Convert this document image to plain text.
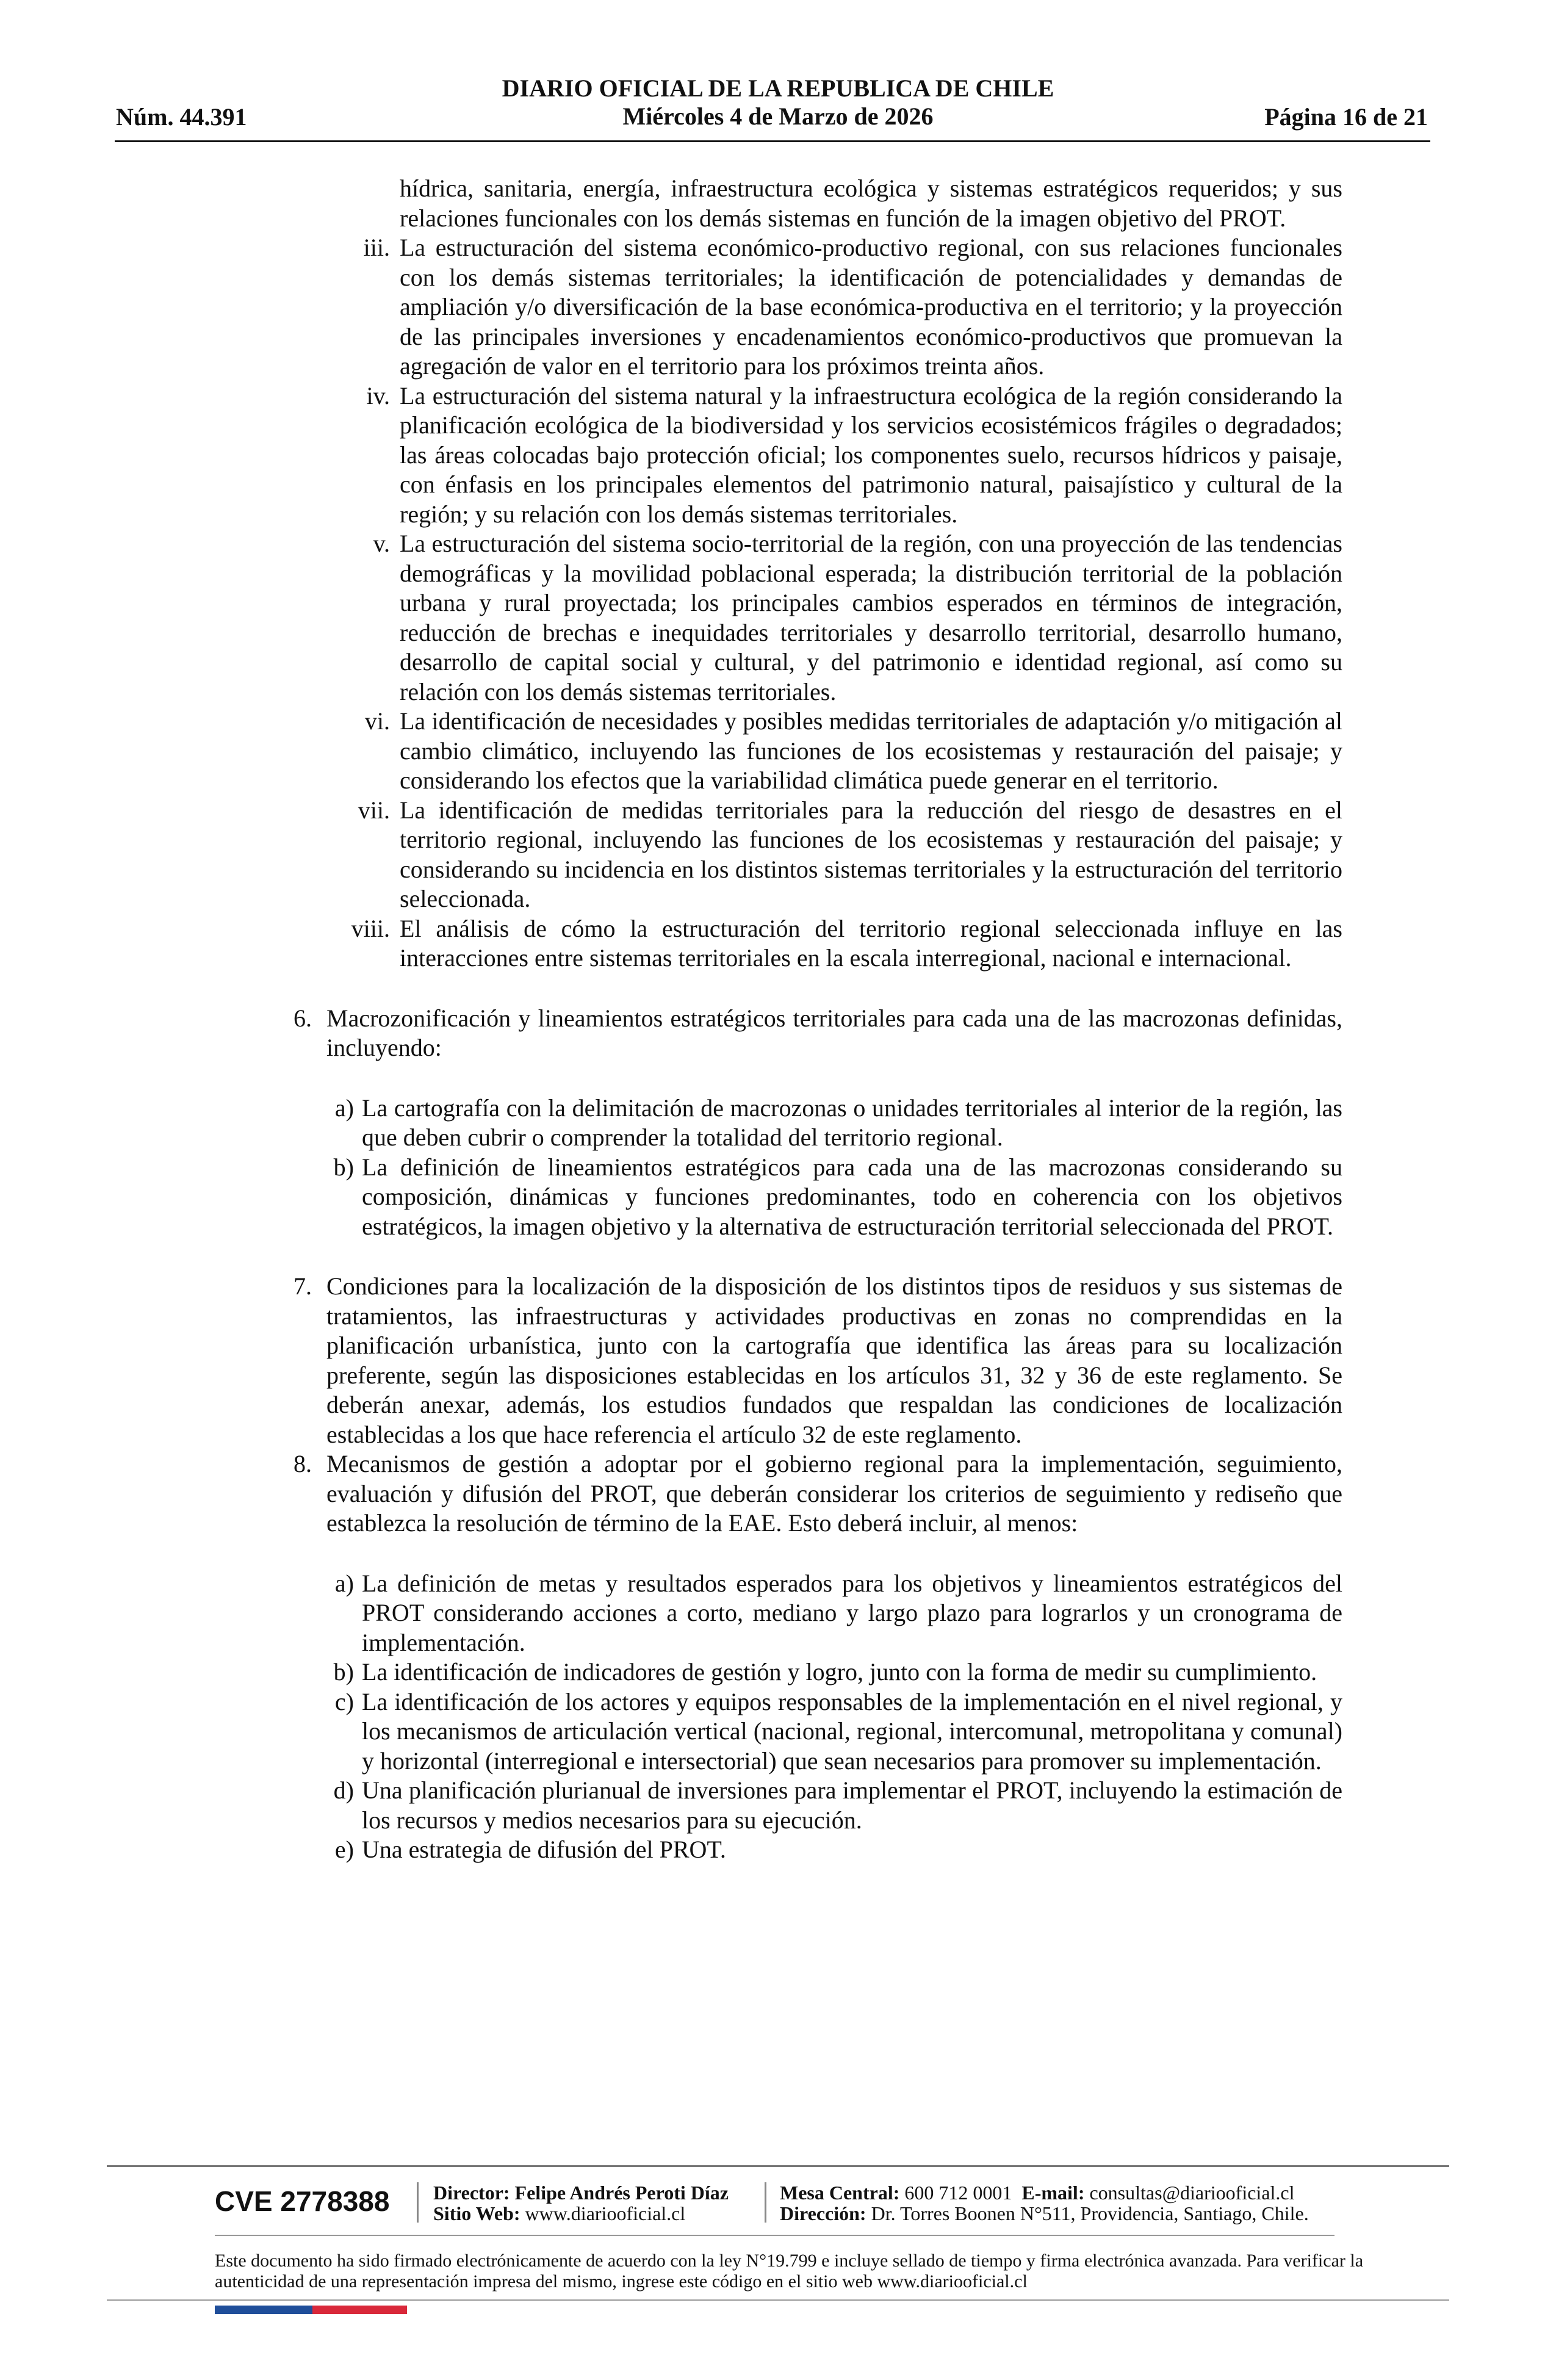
DIARIO OFICIAL DE LA REPUBLICA DE CHILE
Miércoles 4 de Marzo de 2026
Núm. 44.391	Página 16 de 21
hídrica, sanitaria, energía, infraestructura ecológica y sistemas estratégicos requeridos; y sus relaciones funcionales con los demás sistemas en función de la imagen objetivo del PROT.
iii. La estructuración del sistema económico-productivo regional, con sus relaciones funcionales con los demás sistemas territoriales; la identificación de potencialidades y demandas de ampliación y/o diversificación de la base económica-productiva en el territorio; y la proyección de las principales inversiones y encadenamientos económico-productivos que promuevan la agregación de valor en el territorio para los próximos treinta años.
iv. La estructuración del sistema natural y la infraestructura ecológica de la región considerando la planificación ecológica de la biodiversidad y los servicios ecosistémicos frágiles o degradados; las áreas colocadas bajo protección oficial; los componentes suelo, recursos hídricos y paisaje, con énfasis en los principales elementos del patrimonio natural, paisajístico y cultural de la región; y su relación con los demás sistemas territoriales.
v. La estructuración del sistema socio-territorial de la región, con una proyección de las tendencias demográficas y la movilidad poblacional esperada; la distribución territorial de la población urbana y rural proyectada; los principales cambios esperados en términos de integración, reducción de brechas e inequidades territoriales y desarrollo territorial, desarrollo humano, desarrollo de capital social y cultural, y del patrimonio e identidad regional, así como su relación con los demás sistemas territoriales.
vi. La identificación de necesidades y posibles medidas territoriales de adaptación y/o mitigación al cambio climático, incluyendo las funciones de los ecosistemas y restauración del paisaje; y considerando los efectos que la variabilidad climática puede generar en el territorio.
vii. La identificación de medidas territoriales para la reducción del riesgo de desastres en el territorio regional, incluyendo las funciones de los ecosistemas y restauración del paisaje; y considerando su incidencia en los distintos sistemas territoriales y la estructuración del territorio seleccionada.
viii. El análisis de cómo la estructuración del territorio regional seleccionada influye en las interacciones entre sistemas territoriales en la escala interregional, nacional e internacional.
6. Macrozonificación y lineamientos estratégicos territoriales para cada una de las macrozonas definidas, incluyendo:
a) La cartografía con la delimitación de macrozonas o unidades territoriales al interior de la región, las que deben cubrir o comprender la totalidad del territorio regional.
b) La definición de lineamientos estratégicos para cada una de las macrozonas considerando su composición, dinámicas y funciones predominantes, todo en coherencia con los objetivos estratégicos, la imagen objetivo y la alternativa de estructuración territorial seleccionada del PROT.
7. Condiciones para la localización de la disposición de los distintos tipos de residuos y sus sistemas de tratamientos, las infraestructuras y actividades productivas en zonas no comprendidas en la planificación urbanística, junto con la cartografía que identifica las áreas para su localización preferente, según las disposiciones establecidas en los artículos 31, 32 y 36 de este reglamento. Se deberán anexar, además, los estudios fundados que respaldan las condiciones de localización establecidas a los que hace referencia el artículo 32 de este reglamento.
8. Mecanismos de gestión a adoptar por el gobierno regional para la implementación, seguimiento, evaluación y difusión del PROT, que deberán considerar los criterios de seguimiento y rediseño que establezca la resolución de término de la EAE. Esto deberá incluir, al menos:
a) La definición de metas y resultados esperados para los objetivos y lineamientos estratégicos del PROT considerando acciones a corto, mediano y largo plazo para lograrlos y un cronograma de implementación.
b) La identificación de indicadores de gestión y logro, junto con la forma de medir su cumplimiento.
c) La identificación de los actores y equipos responsables de la implementación en el nivel regional, y los mecanismos de articulación vertical (nacional, regional, intercomunal, metropolitana y comunal) y horizontal (interregional e intersectorial) que sean necesarios para promover su implementación.
d) Una planificación plurianual de inversiones para implementar el PROT, incluyendo la estimación de los recursos y medios necesarios para su ejecución.
e) Una estrategia de difusión del PROT.
CVE 2778388 Director: Felipe Andrés Peroti Díaz
Sitio Web: www.diariooficial.cl
Mesa Central: 600 712 0001 E-mail: consultas@diariooficial.cl
Dirección: Dr. Torres Boonen N°511, Providencia, Santiago, Chile.
Este documento ha sido firmado electrónicamente de acuerdo con la ley N°19.799 e incluye sellado de tiempo y firma electrónica avanzada. Para verificar la autenticidad de una representación impresa del mismo, ingrese este código en el sitio web www.diariooficial.cl
